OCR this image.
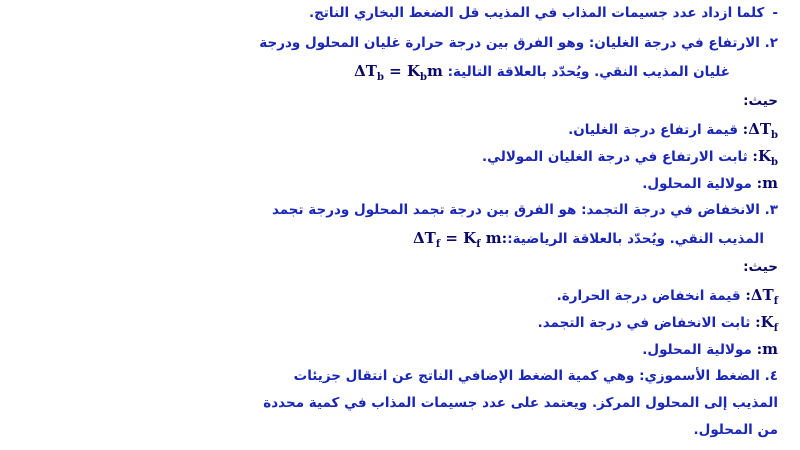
-كلما ازداد عدد جسيمات المذاب في المذيب قل الضغط البخاري الناتج.
٢. الارتفاع في درجة الغليان: وهو الفرق بين درجة حرارة غليان المحلول ودرجة
غليان المذيب النقي. ويُحدّد بالعلاقة التالية: $\Delta T_b = K_bm$
حيث:
$\Delta T_b$: قيمة ارتفاع درجة الغليان.
$K_b$: ثابت الارتفاع في درجة الغليان المولالي.
m: مولالية المحلول.
٣. الانخفاض في درجة التجمد: هو الفرق بين درجة تجمد المحلول ودرجة تجمد
المذيب النقي. ويُحدّد بالعلاقة $الرياضية:\Delta T_f = K_f$ m:
حيث:
$\Delta T_f$: قيمة انخفاض درجة الحرارة.
$K_f$: ثابت الانخفاض في درجة التجمد.
m: مولالية المحلول.
٤. الضغط الأسموزي: وهي كمية الضغط الإضافي الناتج عن انتقال جزيئات
المذيب إلى المحلول المركز. ويعتمد على عدد جسيمات المذاب في كمية محددة
من المحلول.
